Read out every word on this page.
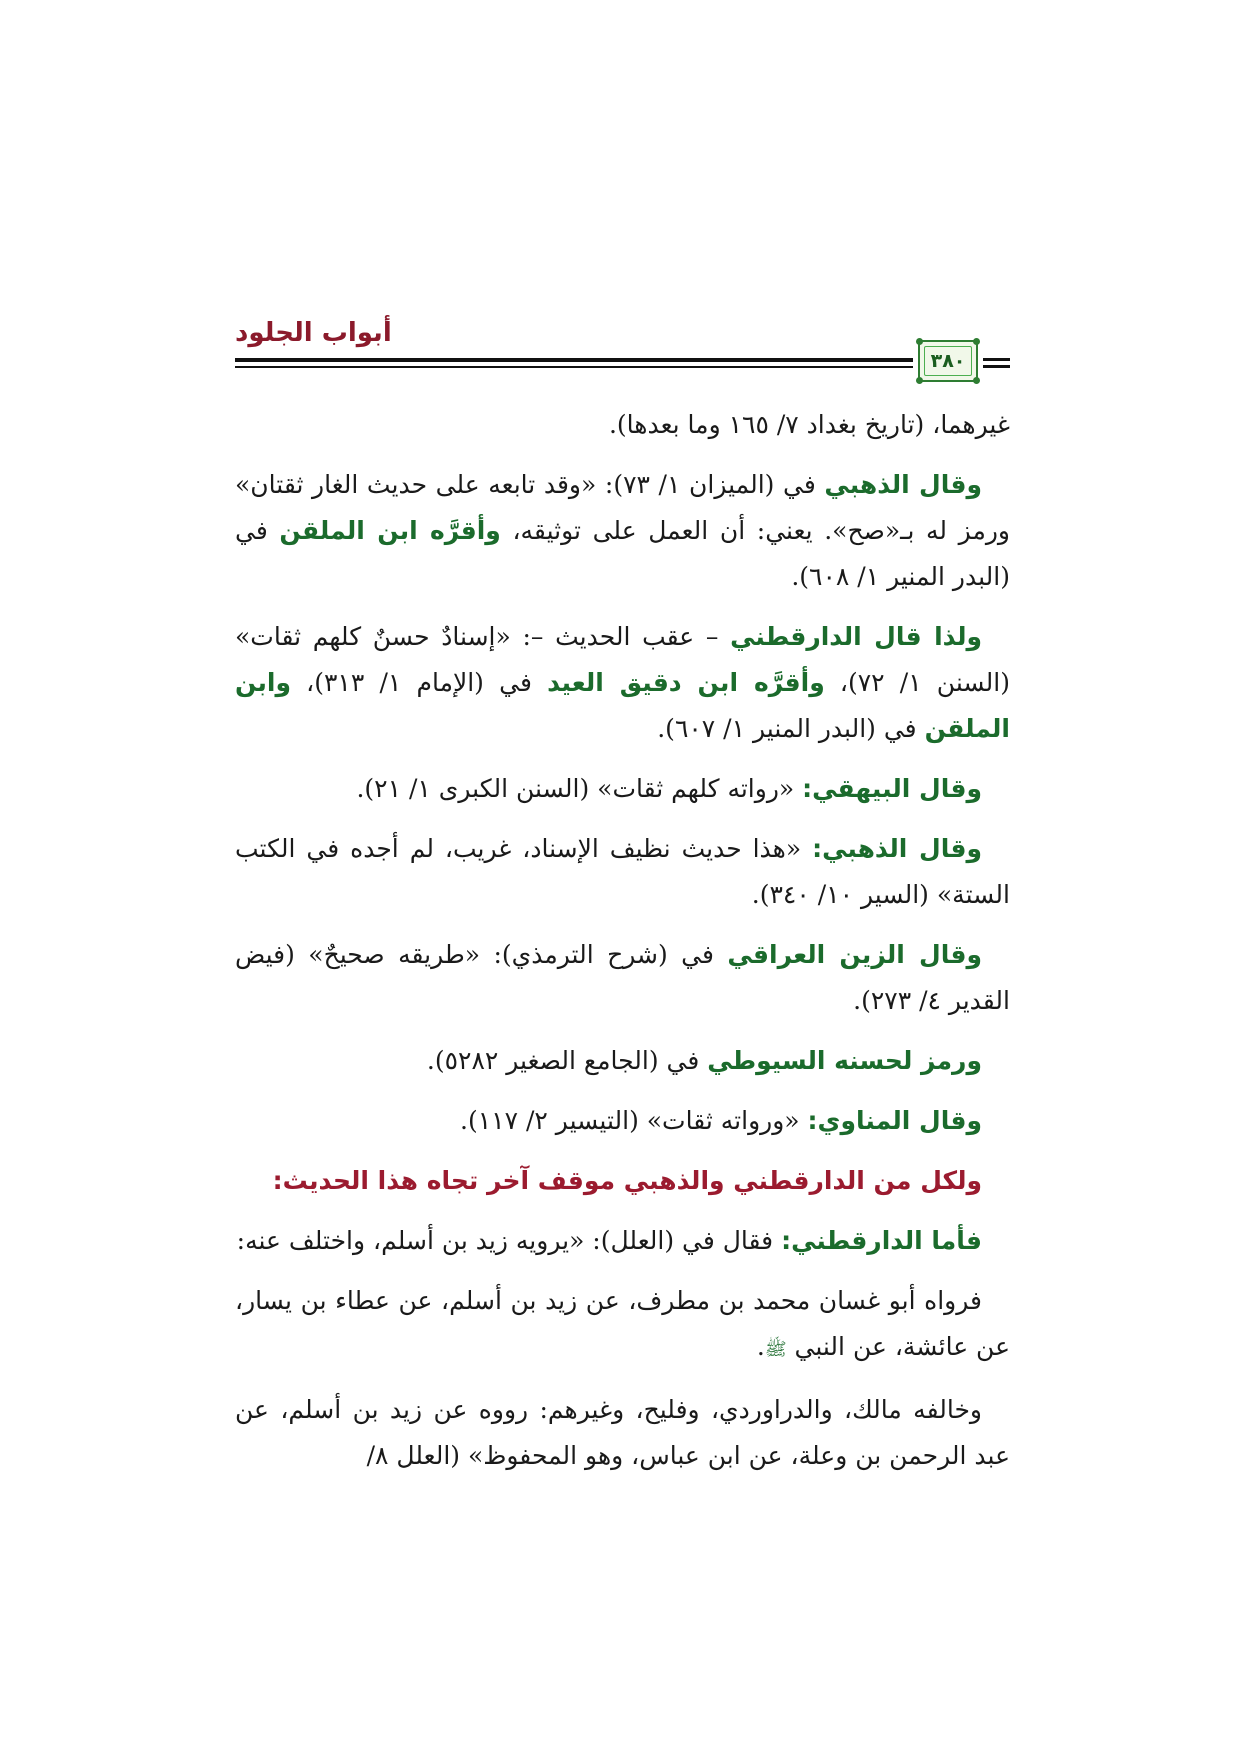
أبواب الجلود
٣٨٠

غيرهما، (تاريخ بغداد ٧/ ١٦٥ وما بعدها).

وقال الذهبي في (الميزان ١/ ٧٣): «وقد تابعه على حديث الغار ثقتان» ورمز له بـ«صح». يعني: أن العمل على توثيقه، وأقرَّه ابن الملقن في (البدر المنير ١/ ٦٠٨).

ولذا قال الدارقطني – عقب الحديث –: «إسنادٌ حسنٌ كلهم ثقات» (السنن ١/ ٧٢)، وأقرَّه ابن دقيق العيد في (الإمام ١/ ٣١٣)، وابن الملقن في (البدر المنير ١/ ٦٠٧).

وقال البيهقي: «رواته كلهم ثقات» (السنن الكبرى ١/ ٢١).

وقال الذهبي: «هذا حديث نظيف الإسناد، غريب، لم أجده في الكتب الستة» (السير ١٠/ ٣٤٠).

وقال الزين العراقي في (شرح الترمذي): «طريقه صحيحٌ» (فيض القدير ٤/ ٢٧٣).

ورمز لحسنه السيوطي في (الجامع الصغير ٥٢٨٢).

وقال المناوي: «ورواته ثقات» (التيسير ٢/ ١١٧).

ولكل من الدارقطني والذهبي موقف آخر تجاه هذا الحديث:

فأما الدارقطني: فقال في (العلل): «يرويه زيد بن أسلم، واختلف عنه:

فرواه أبو غسان محمد بن مطرف، عن زيد بن أسلم، عن عطاء بن يسار، عن عائشة، عن النبي ﷺ.

وخالفه مالك، والدراوردي، وفليح، وغيرهم: رووه عن زيد بن أسلم، عن عبد الرحمن بن وعلة، عن ابن عباس، وهو المحفوظ» (العلل ٨/
